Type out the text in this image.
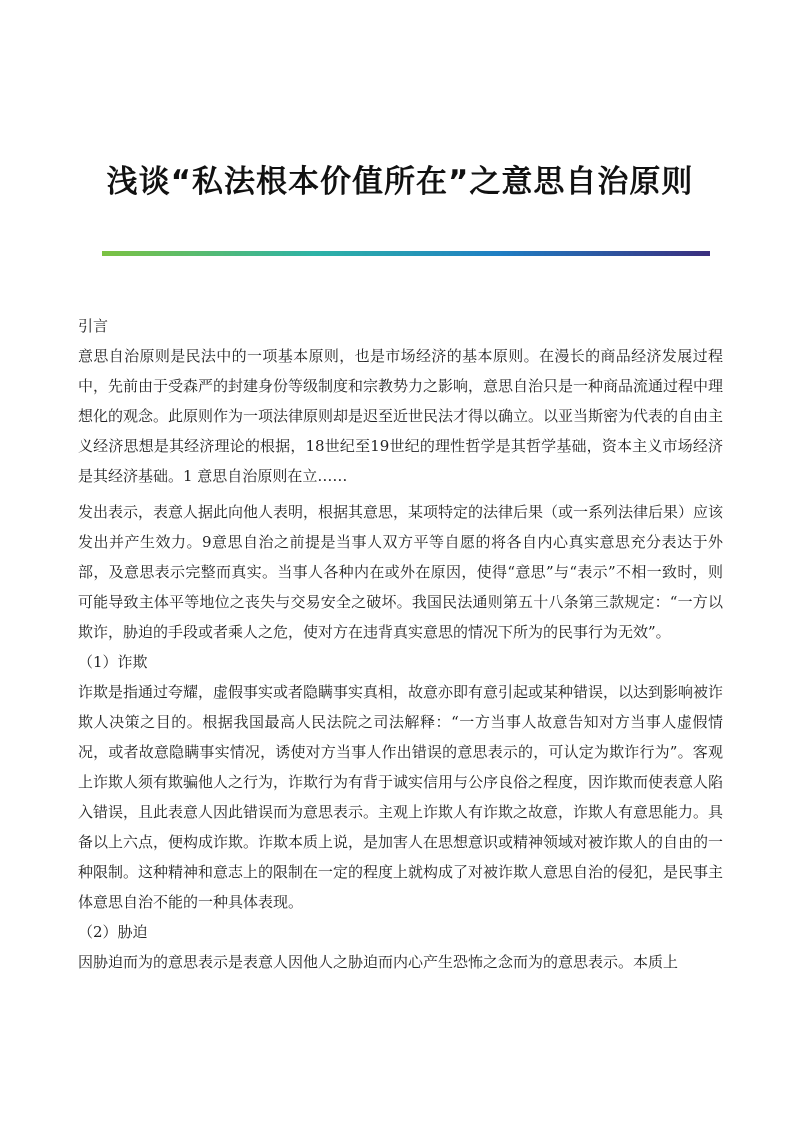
浅谈“私法根本价值所在”之意思自治原则

引言

意思自治原则是民法中的一项基本原则，也是市场经济的基本原则。在漫长的商品经济发展过程中，先前由于受森严的封建身份等级制度和宗教势力之影响，意思自治只是一种商品流通过程中理想化的观念。此原则作为一项法律原则却是迟至近世民法才得以确立。以亚当斯密为代表的自由主义经济思想是其经济理论的根据，18世纪至19世纪的理性哲学是其哲学基础，资本主义市场经济是其经济基础。1 意思自治原则在立……

发出表示，表意人据此向他人表明，根据其意思，某项特定的法律后果（或一系列法律后果）应该发出并产生效力。9意思自治之前提是当事人双方平等自愿的将各自内心真实意思充分表达于外部，及意思表示完整而真实。当事人各种内在或外在原因，使得“意思”与“表示”不相一致时，则可能导致主体平等地位之丧失与交易安全之破坏。我国民法通则第五十八条第三款规定：“一方以欺诈，胁迫的手段或者乘人之危，使对方在违背真实意思的情况下所为的民事行为无效”。

（1）诈欺

诈欺是指通过夸耀，虚假事实或者隐瞒事实真相，故意亦即有意引起或某种错误，以达到影响被诈欺人决策之目的。根据我国最高人民法院之司法解释：“一方当事人故意告知对方当事人虚假情况，或者故意隐瞒事实情况，诱使对方当事人作出错误的意思表示的，可认定为欺诈行为”。客观上诈欺人须有欺骗他人之行为，诈欺行为有背于诚实信用与公序良俗之程度，因诈欺而使表意人陷入错误，且此表意人因此错误而为意思表示。主观上诈欺人有诈欺之故意，诈欺人有意思能力。具备以上六点，便构成诈欺。诈欺本质上说，是加害人在思想意识或精神领域对被诈欺人的自由的一种限制。这种精神和意志上的限制在一定的程度上就构成了对被诈欺人意思自治的侵犯，是民事主体意思自治不能的一种具体表现。

（2）胁迫

因胁迫而为的意思表示是表意人因他人之胁迫而内心产生恐怖之念而为的意思表示。本质上
